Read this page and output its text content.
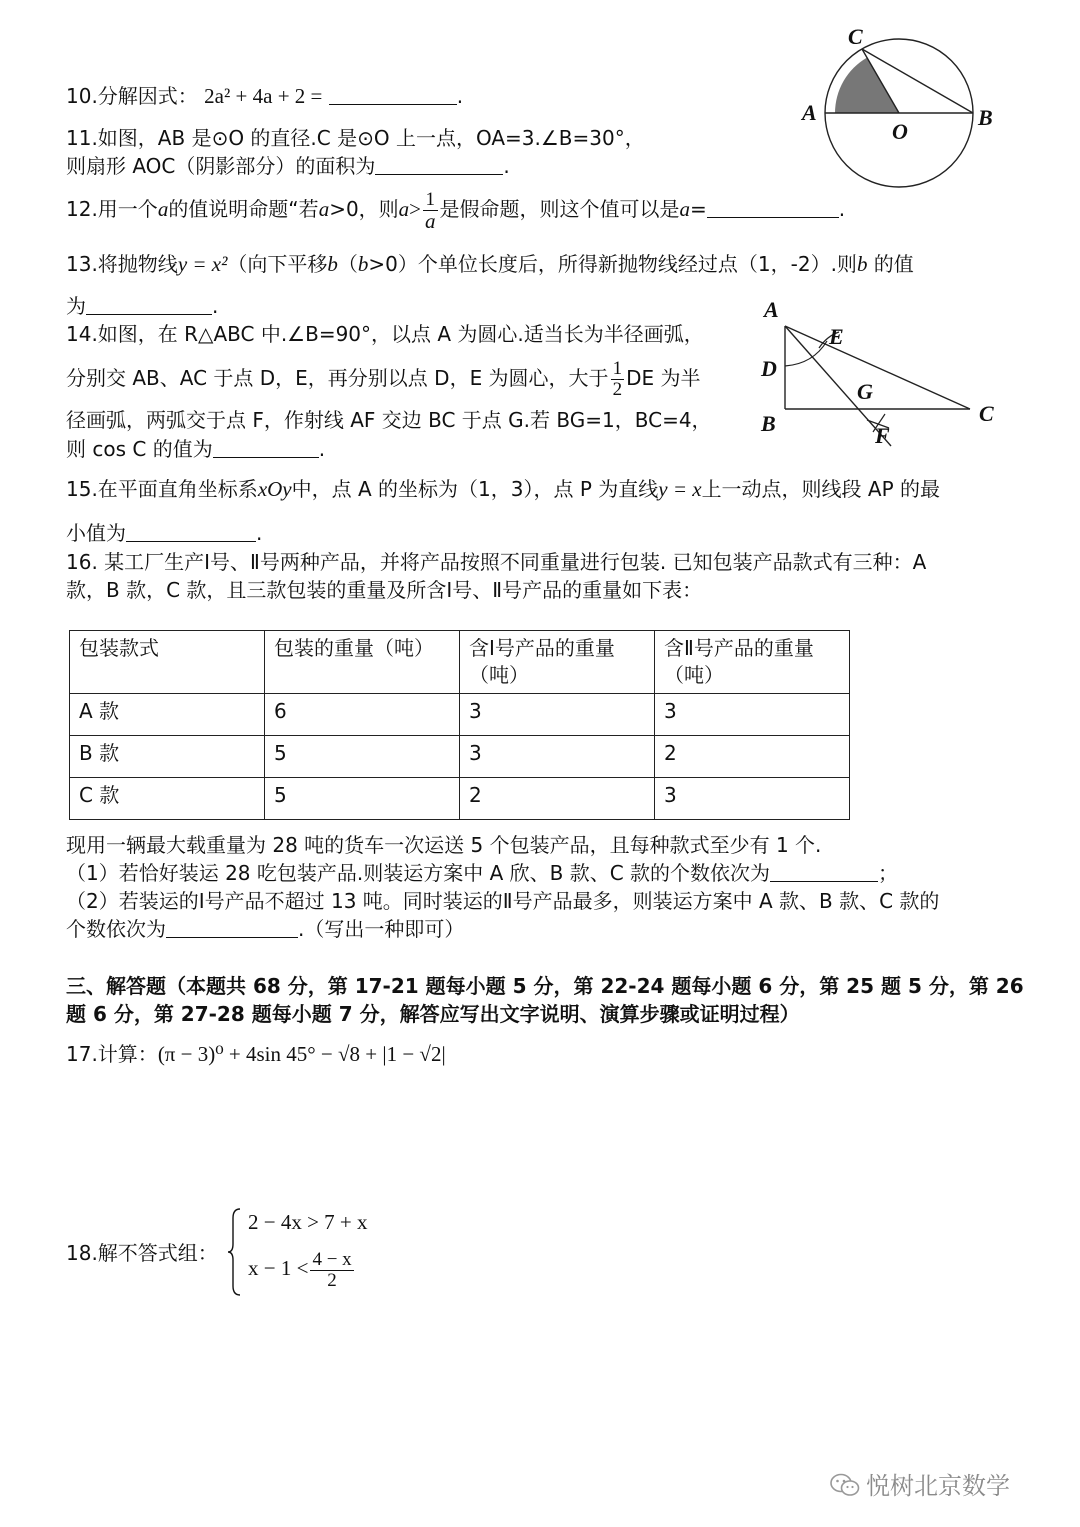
10.分解因式： 2a² + 4a + 2 =	.
11.如图，AB 是⊙O 的直径.C 是⊙O 上一点，OA=3.∠B=30°，
则扇形 AOC（阴影部分）的面积为	.
12.用一个a的值说明命题“若a>0，则$a> \frac{1}{a}$ 是假命题，则这个值可以是a=	.
13.将抛物线y = x²（向下平移b（b>0）个单位长度后，所得新抛物线经过点（1，-2）.则b 的值
为	.
14.如图，在 R△ABC 中.∠B=90°，以点 A 为圆心.适当长为半径画弧，
分别交 AB、AC 于点 D，E，再分别以点 D，E 为圆心，大于 $\frac{1}{2}$ DE 为半
径画弧，两弧交于点 F，作射线 AF 交边 BC 于点 G.若 BG=1，BC=4，
则 cos C 的值为	.
15.在平面直角坐标系xOy中，点 A 的坐标为（1，3），点 P 为直线y = x上一动点，则线段 AP 的最
小值为	.
16. 某工厂生产Ⅰ号、Ⅱ号两种产品，并将产品按照不同重量进行包装. 已知包装产品款式有三种：A
款，B 款，C 款，且三款包装的重量及所含Ⅰ号、Ⅱ号产品的重量如下表：
包装款式	包装的重量（吨）	含Ⅰ号产品的重量（吨）	含Ⅱ号产品的重量（吨）
A 款	6	3	3
B 款	5	3	2
C 款	5	2	3
现用一辆最大载重量为 28 吨的货车一次运送 5 个包装产品，且每种款式至少有 1 个.
（1）若恰好装运 28 吃包装产品.则装运方案中 A 欣、B 款、C 款的个数依次为	；
（2）若装运的Ⅰ号产品不超过 13 吨。同时装运的Ⅱ号产品最多，则装运方案中 A 款、B 款、C 款的
个数依次为	.（写出一种即可）
三、解答题（本题共 68 分，第 17-21 题每小题 5 分，第 22-24 题每小题 6 分，第 25 题 5 分，第 26
题 6 分，第 27-28 题每小题 7 分，解答应写出文字说明、演算步骤或证明过程）
17.计算：(π − 3)⁰ + 4sin 45° − √8 + |1 − √2|
18.解不答式组：
2 − 4x > 7 + x
$x - 1 < \frac{4 - x}{2}$
C
A
O
B
A
E
D
G
B	C
F
悦树北京数学
